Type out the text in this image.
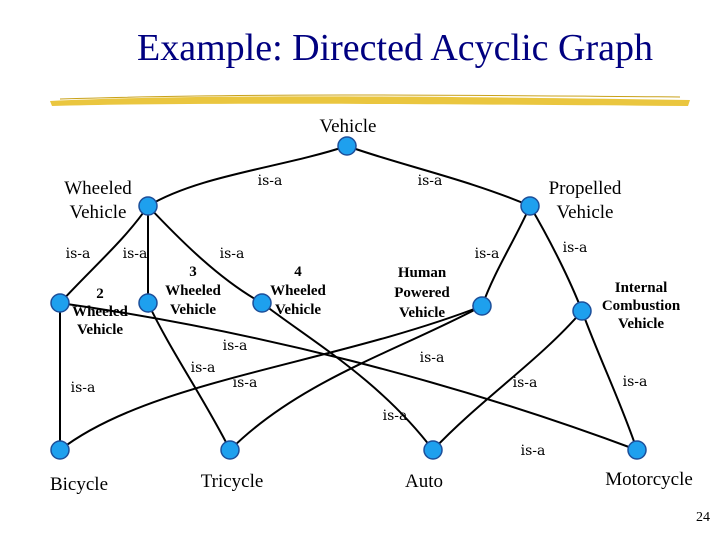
Example: Directed Acyclic Graph
is-a	is-a
is-a is-a	is-a	is-a	is-a
is-a
is-a
is-a
is-a
is-a
is-a
is-a
is-a
is-a
Vehicle
Wheeled Vehicle
Propelled Vehicle
2 Wheeled Vehicle
3 Wheeled Vehicle
4 Wheeled Vehicle
Human Powered Vehicle
Internal Combustion Vehicle
Bicycle	Tricycle	Auto	Motorcycle
24
